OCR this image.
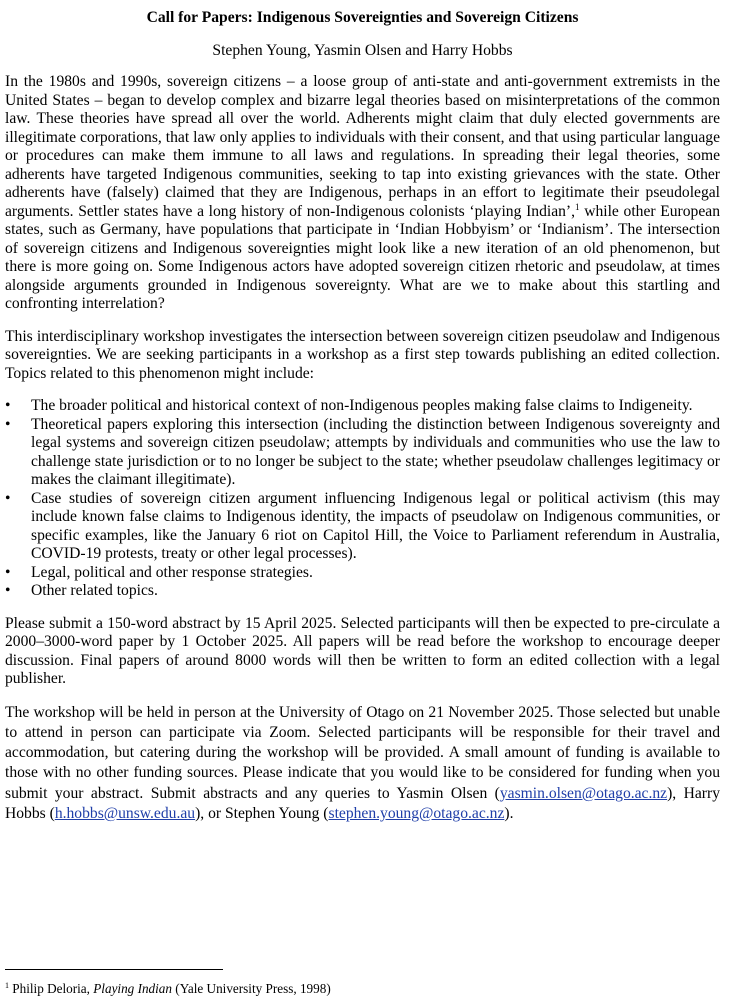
Call for Papers: Indigenous Sovereignties and Sovereign Citizens

Stephen Young, Yasmin Olsen and Harry Hobbs

In the 1980s and 1990s, sovereign citizens – a loose group of anti-state and anti-government extremists in the United States – began to develop complex and bizarre legal theories based on misinterpretations of the common law. These theories have spread all over the world. Adherents might claim that duly elected governments are illegitimate corporations, that law only applies to individuals with their consent, and that using particular language or procedures can make them immune to all laws and regulations. In spreading their legal theories, some adherents have targeted Indigenous communities, seeking to tap into existing grievances with the state. Other adherents have (falsely) claimed that they are Indigenous, perhaps in an effort to legitimate their pseudolegal arguments. Settler states have a long history of non-Indigenous colonists ‘playing Indian’,$^1$ while other European states, such as Germany, have populations that participate in ‘Indian Hobbyism’ or ‘Indianism’. The intersection of sovereign citizens and Indigenous sovereignties might look like a new iteration of an old phenomenon, but there is more going on. Some Indigenous actors have adopted sovereign citizen rhetoric and pseudolaw, at times alongside arguments grounded in Indigenous sovereignty. What are we to make about this startling and confronting interrelation?

This interdisciplinary workshop investigates the intersection between sovereign citizen pseudolaw and Indigenous sovereignties. We are seeking participants in a workshop as a first step towards publishing an edited collection. Topics related to this phenomenon might include:

•	The broader political and historical context of non-Indigenous peoples making false claims to Indigeneity.
•	Theoretical papers exploring this intersection (including the distinction between Indigenous sovereignty and legal systems and sovereign citizen pseudolaw; attempts by individuals and communities who use the law to challenge state jurisdiction or to no longer be subject to the state; whether pseudolaw challenges legitimacy or makes the claimant illegitimate).
•	Case studies of sovereign citizen argument influencing Indigenous legal or political activism (this may include known false claims to Indigenous identity, the impacts of pseudolaw on Indigenous communities, or specific examples, like the January 6 riot on Capitol Hill, the Voice to Parliament referendum in Australia, COVID-19 protests, treaty or other legal processes).
•	Legal, political and other response strategies.
•	Other related topics.

Please submit a 150-word abstract by 15 April 2025. Selected participants will then be expected to pre-circulate a 2000–3000-word paper by 1 October 2025. All papers will be read before the workshop to encourage deeper discussion. Final papers of around 8000 words will then be written to form an edited collection with a legal publisher.

The workshop will be held in person at the University of Otago on 21 November 2025. Those selected but unable to attend in person can participate via Zoom. Selected participants will be responsible for their travel and accommodation, but catering during the workshop will be provided. A small amount of funding is available to those with no other funding sources. Please indicate that you would like to be considered for funding when you submit your abstract. Submit abstracts and any queries to Yasmin Olsen (yasmin.olsen@otago.ac.nz), Harry Hobbs (h.hobbs@unsw.edu.au), or Stephen Young (stephen.young@otago.ac.nz).

$^1$ Philip Deloria, Playing Indian (Yale University Press, 1998)
